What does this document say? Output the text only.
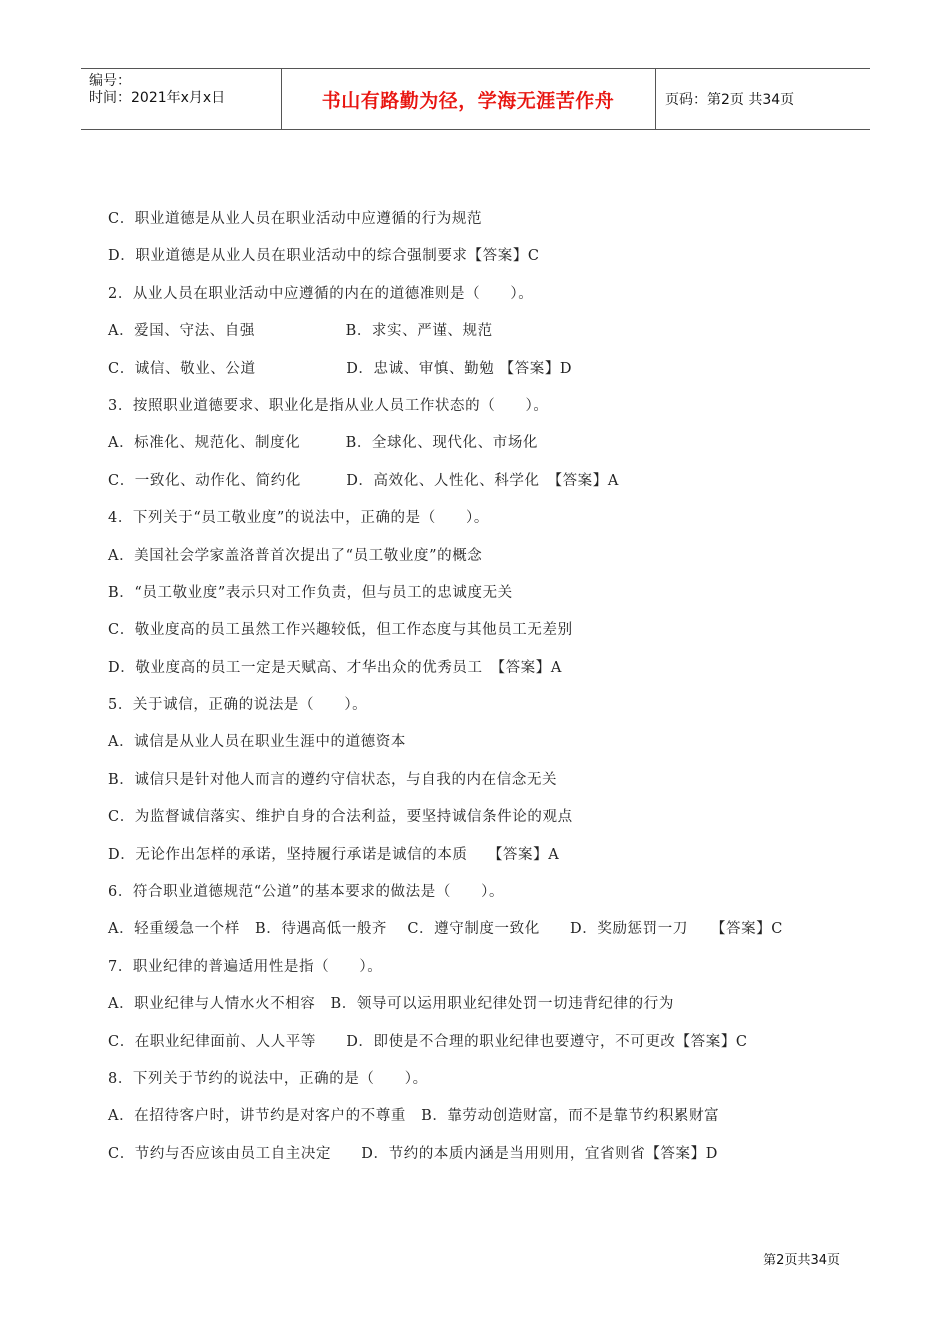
编号：
时间：2021年x月x日	书山有路勤为径，学海无涯苦作舟	页码：第2页 共34页
C．职业道德是从业人员在职业活动中应遵循的行为规范
D．职业道德是从业人员在职业活动中的综合强制要求【答案】C
2．从业人员在职业活动中应遵循的内在的道德准则是（　　）。
A．爱国、守法、自强　　　　　　B．求实、严谨、规范
C．诚信、敬业、公道　　　　　　D．忠诚、审慎、勤勉 【答案】D
3．按照职业道德要求、职业化是指从业人员工作状态的（　　）。
A．标准化、规范化、制度化　　　B．全球化、现代化、市场化
C．一致化、动作化、简约化　　　D．高效化、人性化、科学化　【答案】A
4．下列关于“员工敬业度”的说法中，正确的是（　　）。
A．美国社会学家盖洛普首次提出了“员工敬业度”的概念
B．“员工敬业度”表示只对工作负责，但与员工的忠诚度无关
C．敬业度高的员工虽然工作兴趣较低，但工作态度与其他员工无差别
D．敬业度高的员工一定是天赋高、才华出众的优秀员工　【答案】A
5．关于诚信，正确的说法是（　　）。
A．诚信是从业人员在职业生涯中的道德资本
B．诚信只是针对他人而言的遵约守信状态，与自我的内在信念无关
C．为监督诚信落实、维护自身的合法利益，要坚持诚信条件论的观点
D．无论作出怎样的承诺，坚持履行承诺是诚信的本质　 【答案】A
6．符合职业道德规范“公道”的基本要求的做法是（　　）。
A．轻重缓急一个样　B．待遇高低一般齐　 C．遵守制度一致化　　D．奖励惩罚一刀　　【答案】C
7．职业纪律的普遍适用性是指（　　）。
A．职业纪律与人情水火不相容　B．领导可以运用职业纪律处罚一切违背纪律的行为
C．在职业纪律面前、人人平等　　D．即使是不合理的职业纪律也要遵守，不可更改【答案】C
8．下列关于节约的说法中，正确的是（　　）。
A．在招待客户时，讲节约是对客户的不尊重　B．靠劳动创造财富，而不是靠节约积累财富
C．节约与否应该由员工自主决定　　D．节约的本质内涵是当用则用，宜省则省【答案】D
第2页共34页
